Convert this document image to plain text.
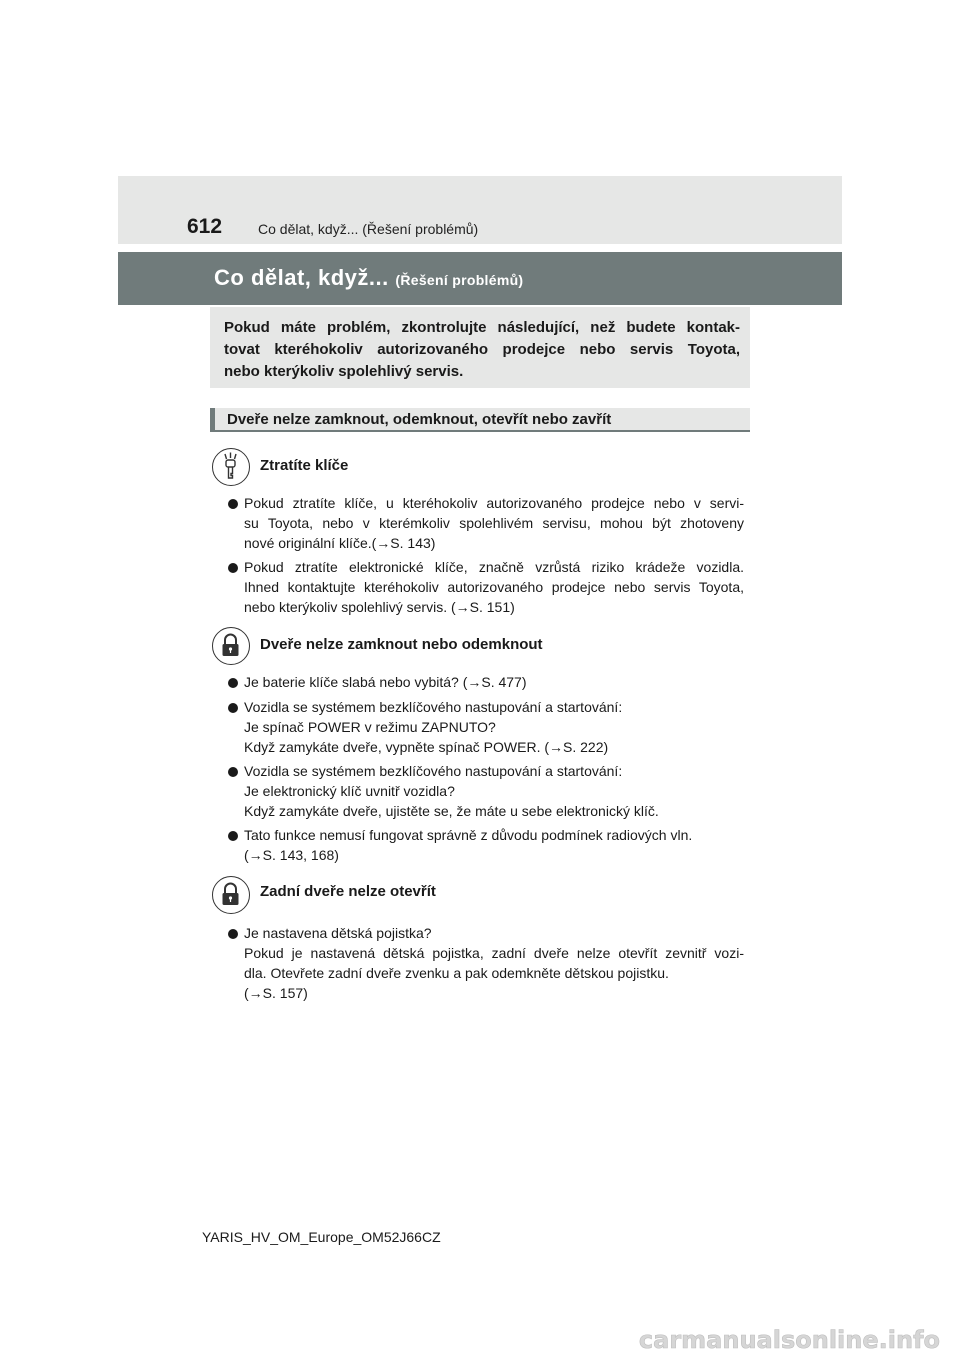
612	Co dělat, když... (Řešení problémů)
Co dělat, když... (Řešení problémů)
Pokud máte problém, zkontrolujte následující, než budete kontak-
tovat kteréhokoliv autorizovaného prodejce nebo servis Toyota,
nebo kterýkoliv spolehlivý servis.
Dveře nelze zamknout, odemknout, otevřít nebo zavřít
Ztratíte klíče
Pokud ztratíte klíče, u kteréhokoliv autorizovaného prodejce nebo v servi-
su Toyota, nebo v kterémkoliv spolehlivém servisu, mohou být zhotoveny
nové originální klíče.(→S. 143)
Pokud ztratíte elektronické klíče, značně vzrůstá riziko krádeže vozidla.
Ihned kontaktujte kteréhokoliv autorizovaného prodejce nebo servis Toyota,
nebo kterýkoliv spolehlivý servis. (→S. 151)
Dveře nelze zamknout nebo odemknout
Je baterie klíče slabá nebo vybitá? (→S. 477)
Vozidla se systémem bezklíčového nastupování a startování:
Je spínač POWER v režimu ZAPNUTO?
Když zamykáte dveře, vypněte spínač POWER. (→S. 222)
Vozidla se systémem bezklíčového nastupování a startování:
Je elektronický klíč uvnitř vozidla?
Když zamykáte dveře, ujistěte se, že máte u sebe elektronický klíč.
Tato funkce nemusí fungovat správně z důvodu podmínek radiových vln.
(→S. 143, 168)
Zadní dveře nelze otevřít
Je nastavena dětská pojistka?
Pokud je nastavená dětská pojistka, zadní dveře nelze otevřít zevnitř vozi-
dla. Otevřete zadní dveře zvenku a pak odemkněte dětskou pojistku.
(→S. 157)
YARIS_HV_OM_Europe_OM52J66CZ
carmanualsonline.info
